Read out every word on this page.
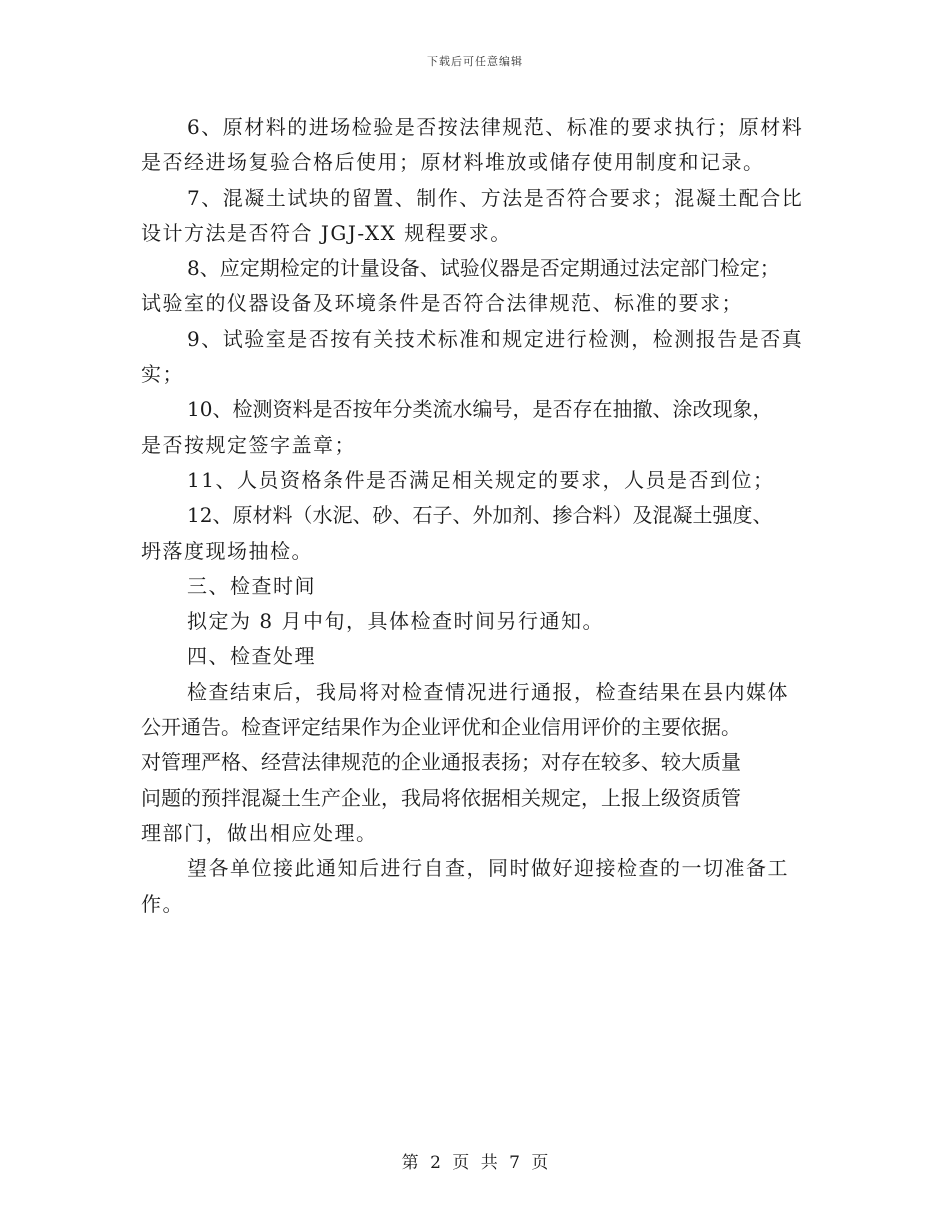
下载后可任意编辑
6、原材料的进场检验是否按法律规范、标准的要求执行；原材料
是否经进场复验合格后使用；原材料堆放或储存使用制度和记录。
7、混凝土试块的留置、制作、方法是否符合要求；混凝土配合比
设计方法是否符合 JGJ-XX 规程要求。
8、应定期检定的计量设备、试验仪器是否定期通过法定部门检定；
试验室的仪器设备及环境条件是否符合法律规范、标准的要求；
9、试验室是否按有关技术标准和规定进行检测，检测报告是否真
实；
10、检测资料是否按年分类流水编号，是否存在抽撤、涂改现象，
是否按规定签字盖章；
11、人员资格条件是否满足相关规定的要求，人员是否到位；
12、原材料（水泥、砂、石子、外加剂、掺合料）及混凝土强度、
坍落度现场抽检。
三、检查时间
拟定为 8 月中旬，具体检查时间另行通知。
四、检查处理
检查结束后，我局将对检查情况进行通报，检查结果在县内媒体
公开通告。检查评定结果作为企业评优和企业信用评价的主要依据。
对管理严格、经营法律规范的企业通报表扬；对存在较多、较大质量
问题的预拌混凝土生产企业，我局将依据相关规定，上报上级资质管
理部门，做出相应处理。
望各单位接此通知后进行自查，同时做好迎接检查的一切准备工
作。
第 2 页 共 7 页
